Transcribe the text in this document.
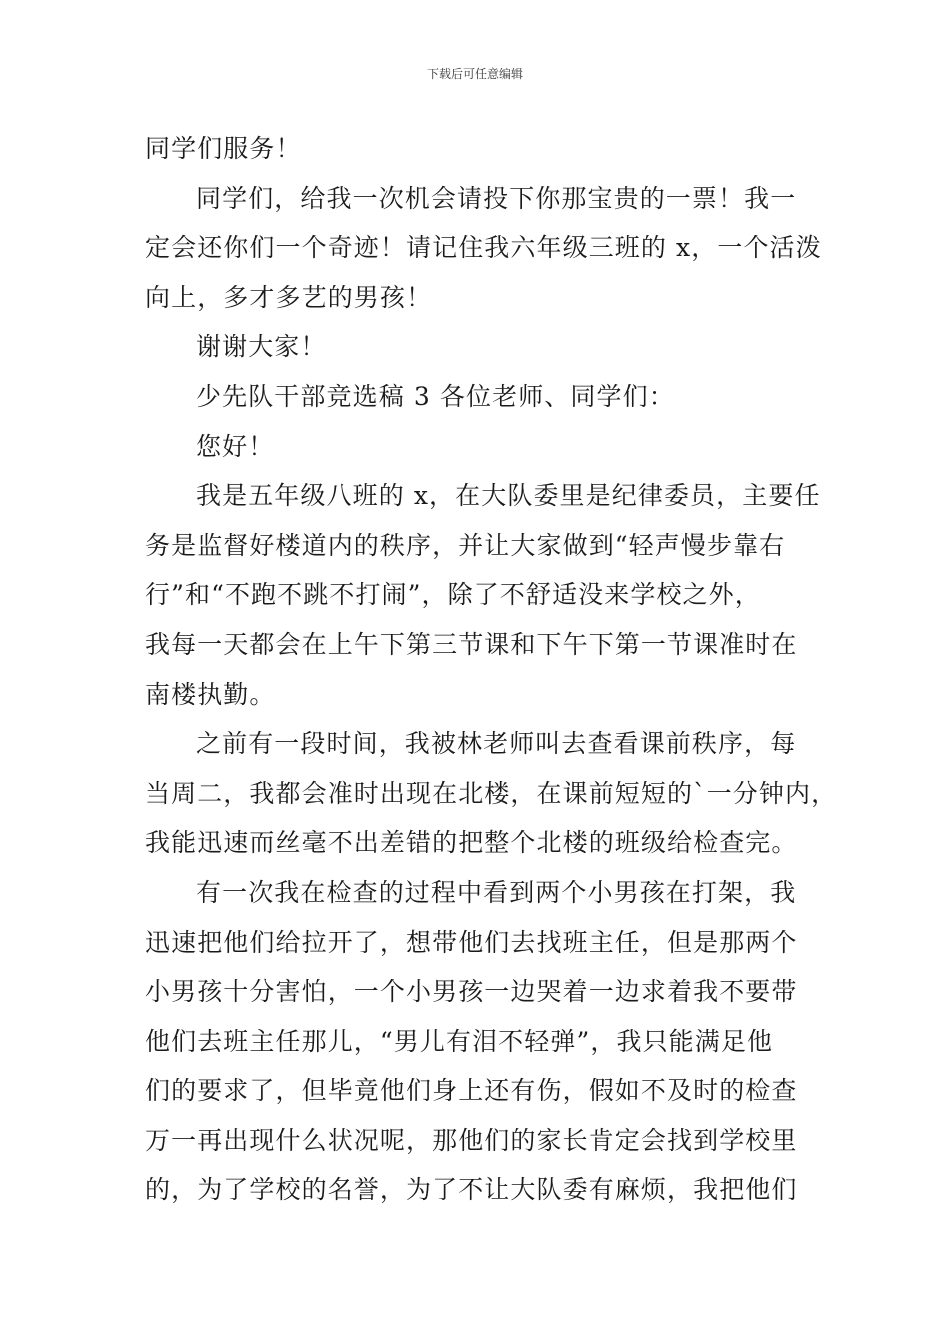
下载后可任意编辑
同学们服务！
同学们，给我一次机会请投下你那宝贵的一票！我一
定会还你们一个奇迹！请记住我六年级三班的 x，一个活泼
向上，多才多艺的男孩！
谢谢大家！
少先队干部竞选稿 3 各位老师、同学们：
您好！
我是五年级八班的 x，在大队委里是纪律委员，主要任
务是监督好楼道内的秩序，并让大家做到“轻声慢步靠右
行”和“不跑不跳不打闹”，除了不舒适没来学校之外，
我每一天都会在上午下第三节课和下午下第一节课准时在
南楼执勤。
之前有一段时间，我被林老师叫去查看课前秩序，每
当周二，我都会准时出现在北楼，在课前短短的`一分钟内，
我能迅速而丝毫不出差错的把整个北楼的班级给检查完。
有一次我在检查的过程中看到两个小男孩在打架，我
迅速把他们给拉开了，想带他们去找班主任，但是那两个
小男孩十分害怕，一个小男孩一边哭着一边求着我不要带
他们去班主任那儿，“男儿有泪不轻弹”，我只能满足他
们的要求了，但毕竟他们身上还有伤，假如不及时的检查
万一再出现什么状况呢，那他们的家长肯定会找到学校里
的，为了学校的名誉，为了不让大队委有麻烦，我把他们
